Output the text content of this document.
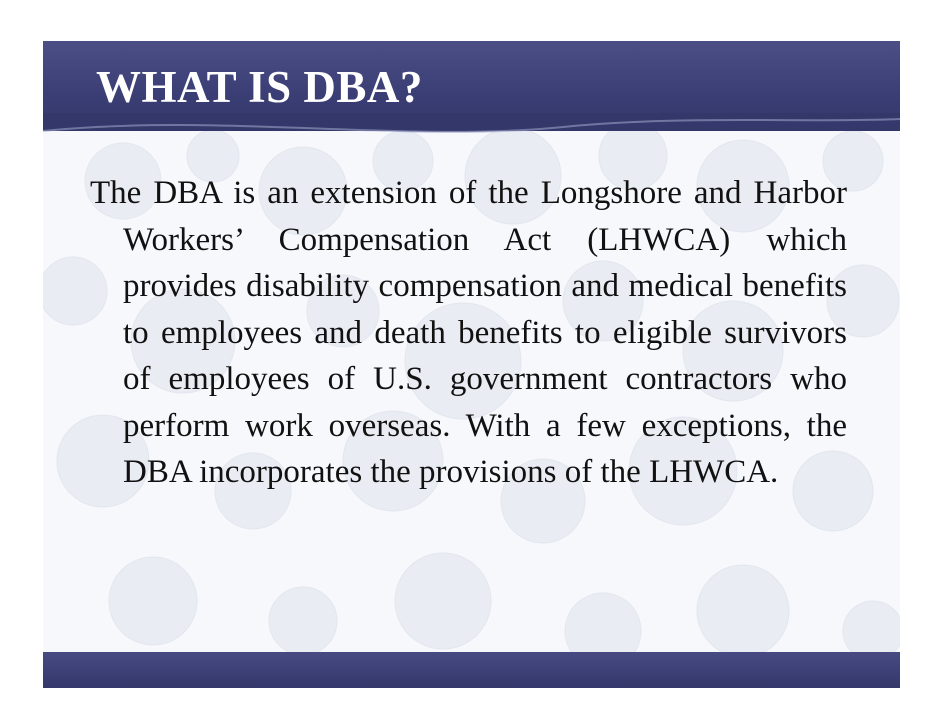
WHAT IS DBA?

The DBA is an extension of the Longshore and Harbor Workers’ Compensation Act (LHWCA) which provides disability compensation and medical benefits to employees and death benefits to eligible survivors of employees of U.S. government contractors who perform work overseas. With a few exceptions, the DBA incorporates the provisions of the LHWCA.
